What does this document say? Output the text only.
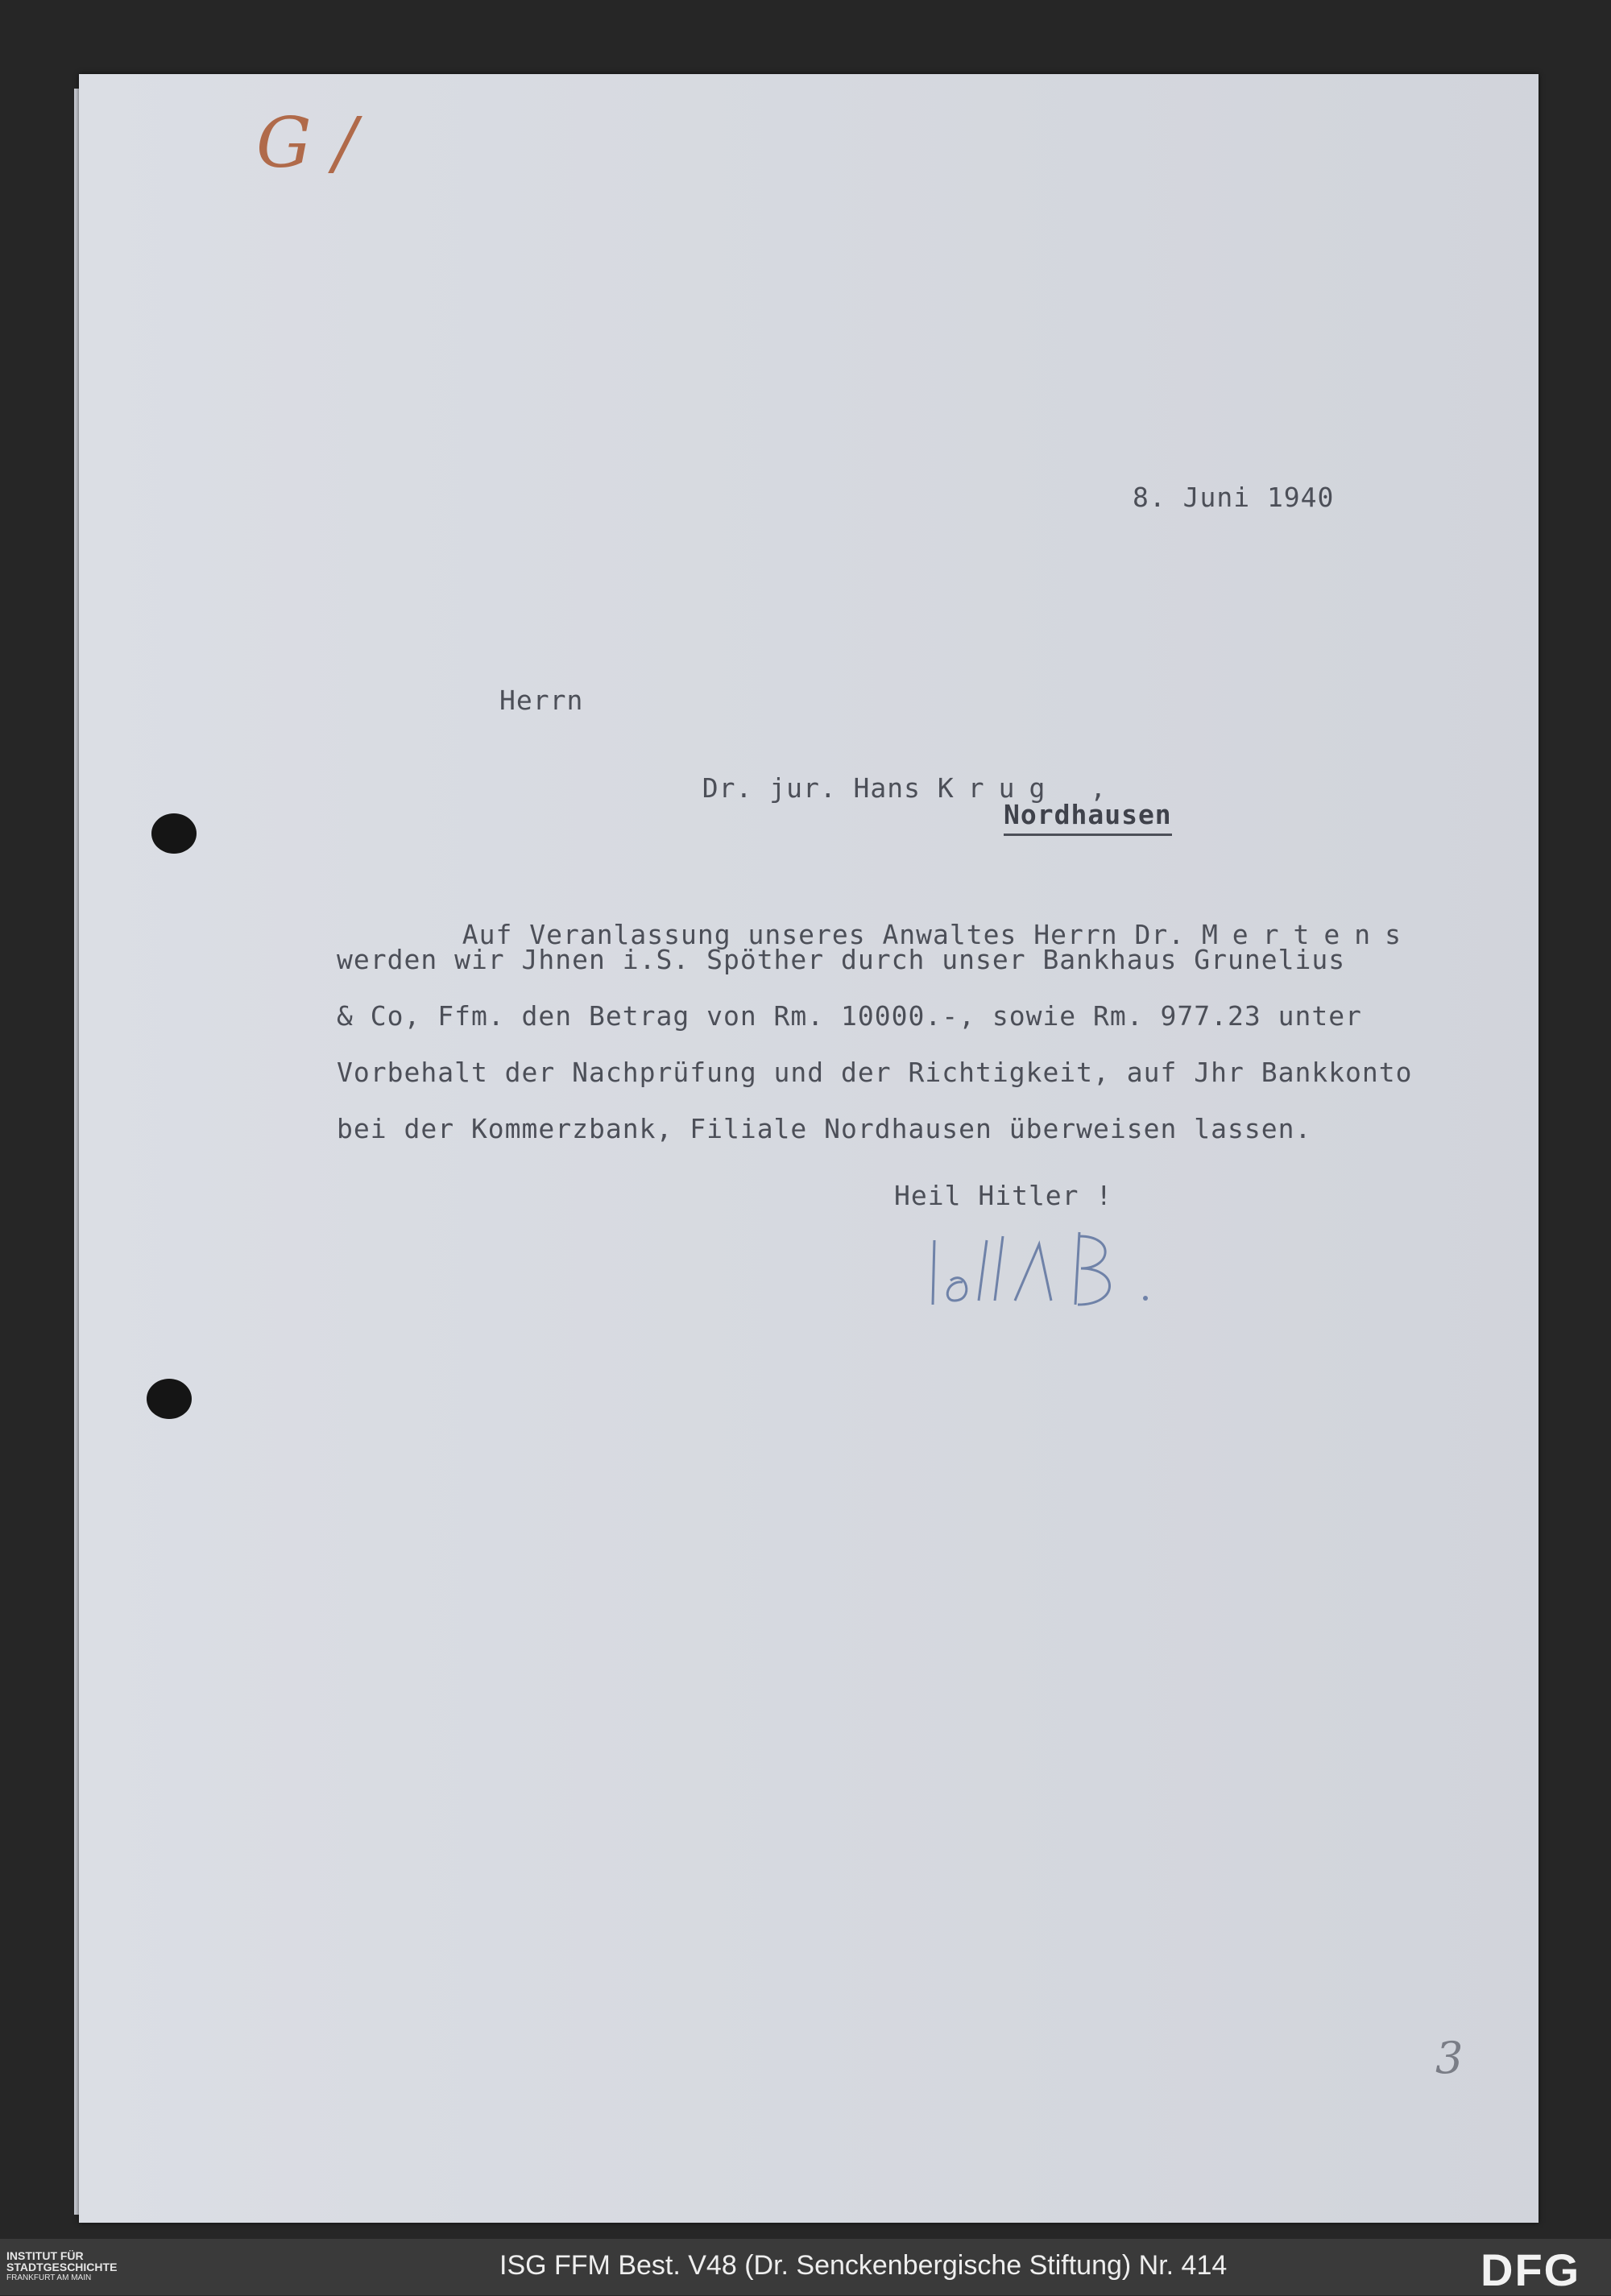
G /
8. Juni 1940
Herrn

Dr. jur. Hans Krug ,

Nordhausen

Auf Veranlassung unseres Anwaltes Herrn Dr. Mertens

werden wir Jhnen i.S. Spöther durch unser Bankhaus Grunelius
& Co, Ffm. den Betrag von Rm. 10000.-, sowie Rm. 977.23 unter
Vorbehalt der Nachprüfung und der Richtigkeit, auf Jhr Bankkonto
bei der Kommerzbank, Filiale Nordhausen überweisen lassen.
Heil Hitler !
3
INSTITUT FÜR
STADTGESCHICHTE
FRANKFURT AM MAIN	ISG FFM Best. V48 (Dr. Senckenbergische Stiftung) Nr. 414	DFG
